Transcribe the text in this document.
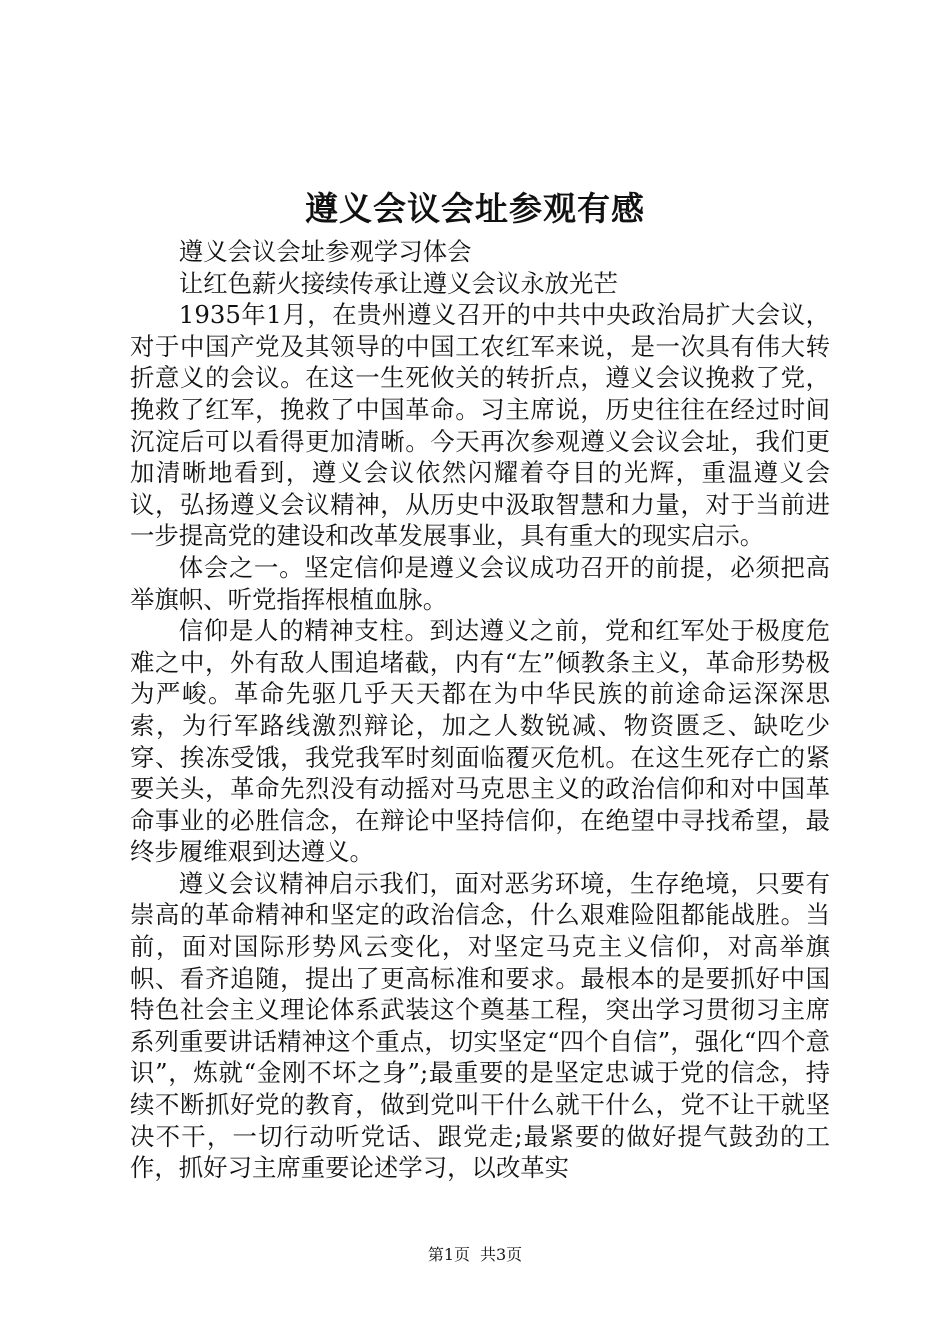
遵义会议会址参观有感

遵义会议会址参观学习体会

让红色薪火接续传承让遵义会议永放光芒

1935年1月，在贵州遵义召开的中共中央政治局扩大会议，对于中国产党及其领导的中国工农红军来说，是一次具有伟大转折意义的会议。在这一生死攸关的转折点，遵义会议挽救了党，挽救了红军，挽救了中国革命。习主席说，历史往往在经过时间沉淀后可以看得更加清晰。今天再次参观遵义会议会址，我们更加清晰地看到，遵义会议依然闪耀着夺目的光辉，重温遵义会议，弘扬遵义会议精神，从历史中汲取智慧和力量，对于当前进一步提高党的建设和改革发展事业，具有重大的现实启示。

体会之一。坚定信仰是遵义会议成功召开的前提，必须把高举旗帜、听党指挥根植血脉。

信仰是人的精神支柱。到达遵义之前，党和红军处于极度危难之中，外有敌人围追堵截，内有“左”倾教条主义，革命形势极为严峻。革命先驱几乎天天都在为中华民族的前途命运深深思索，为行军路线激烈辩论，加之人数锐减、物资匮乏、缺吃少穿、挨冻受饿，我党我军时刻面临覆灭危机。在这生死存亡的紧要关头，革命先烈没有动摇对马克思主义的政治信仰和对中国革命事业的必胜信念，在辩论中坚持信仰，在绝望中寻找希望，最终步履维艰到达遵义。

遵义会议精神启示我们，面对恶劣环境，生存绝境，只要有崇高的革命精神和坚定的政治信念，什么艰难险阻都能战胜。当前，面对国际形势风云变化，对坚定马克主义信仰，对高举旗帜、看齐追随，提出了更高标准和要求。最根本的是要抓好中国特色社会主义理论体系武装这个奠基工程，突出学习贯彻习主席系列重要讲话精神这个重点，切实坚定“四个自信”，强化“四个意识”，炼就“金刚不坏之身”;最重要的是坚定忠诚于党的信念，持续不断抓好党的教育，做到党叫干什么就干什么，党不让干就坚决不干，一切行动听党话、跟党走;最紧要的做好提气鼓劲的工作，抓好习主席重要论述学习，以改革实

第1页 共3页
